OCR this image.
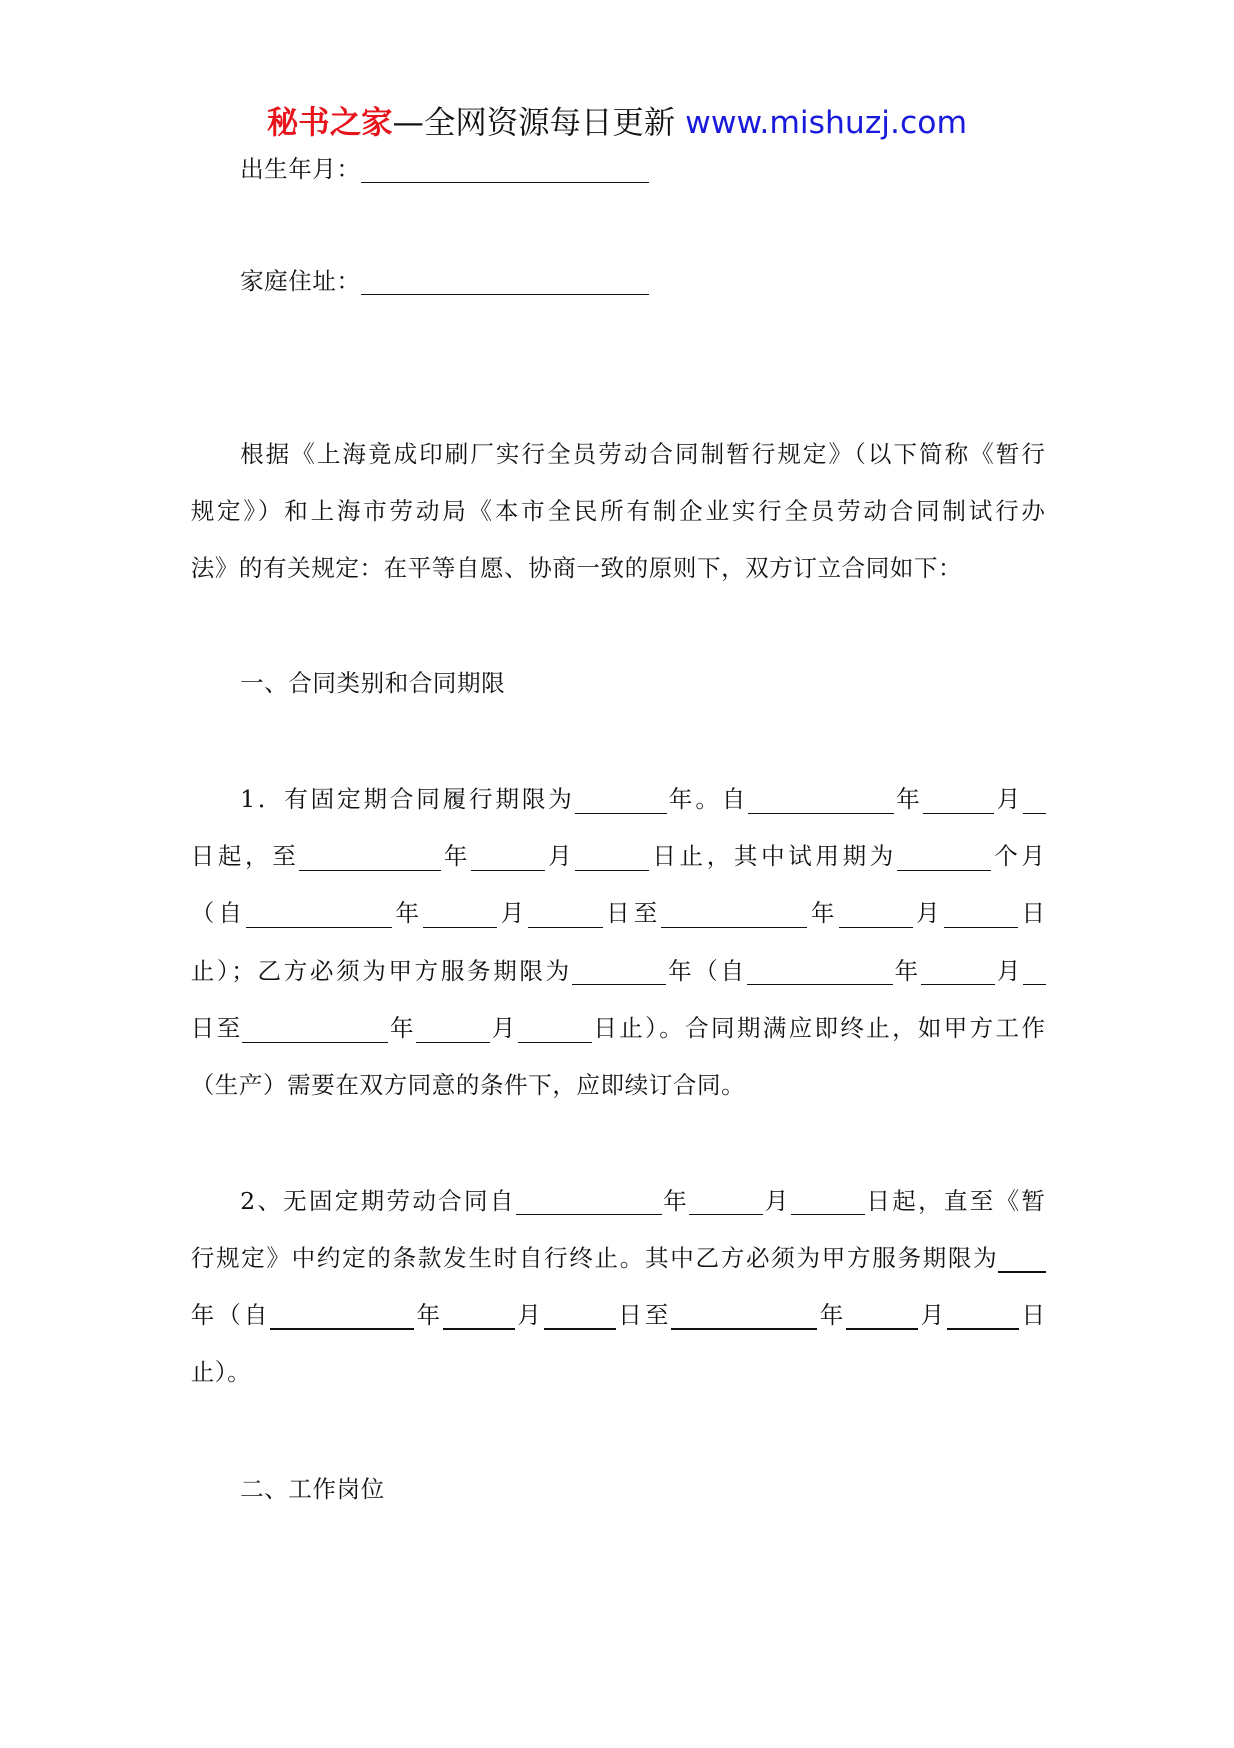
秘书之家—全网资源每日更新 www.mishuzj.com
出生年月：
家庭住址：
根据《上海竟成印刷厂实行全员劳动合同制暂行规定》（以下简称《暂行
规定》）和上海市劳动局《本市全民所有制企业实行全员劳动合同制试行办
法》的有关规定：在平等自愿、协商一致的原则下，双方订立合同如下：
一、合同类别和合同期限
1．有固定期合同履行期限为	年。自	年	月
日起，至	年	月	日止，其中试用期为	个月
（自	年	月	日至	年	月	日
止）；乙方必须为甲方服务期限为	年（自	年	月
日至	年	月	日止）。合同期满应即终止，如甲方工作
（生产）需要在双方同意的条件下，应即续订合同。
2、无固定期劳动合同自	年	月	日起，直至《暂
行规定》中约定的条款发生时自行终止。其中乙方必须为甲方服务期限为
年（自	年	月	日至	年	月	日
止）。
二、工作岗位
